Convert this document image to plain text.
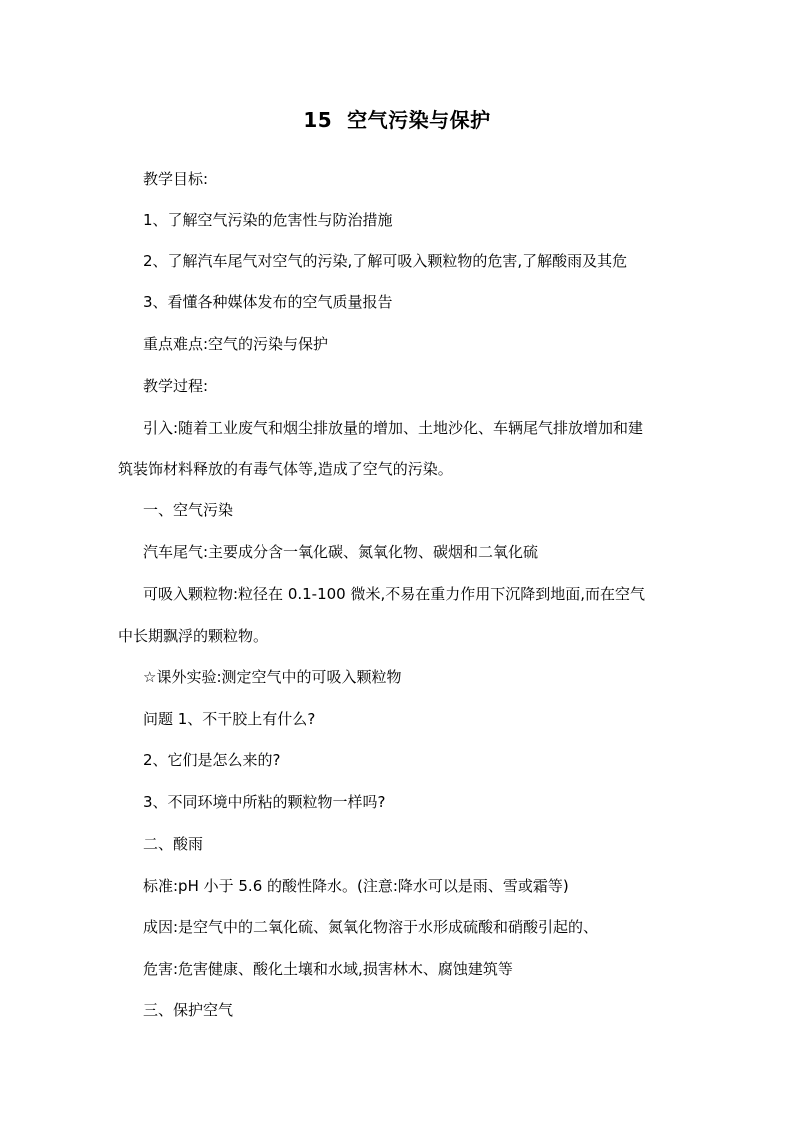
15  空气污染与保护
教学目标:
1、了解空气污染的危害性与防治措施
2、了解汽车尾气对空气的污染,了解可吸入颗粒物的危害,了解酸雨及其危
3、看懂各种媒体发布的空气质量报告
重点难点:空气的污染与保护
教学过程:
引入:随着工业废气和烟尘排放量的增加、土地沙化、车辆尾气排放增加和建
筑装饰材料释放的有毒气体等,造成了空气的污染。
一、空气污染
汽车尾气:主要成分含一氧化碳、氮氧化物、碳烟和二氧化硫
可吸入颗粒物:粒径在 0.1-100 微米,不易在重力作用下沉降到地面,而在空气
中长期飘浮的颗粒物。
☆课外实验:测定空气中的可吸入颗粒物
问题 1、不干胶上有什么?
2、它们是怎么来的?
3、不同环境中所粘的颗粒物一样吗?
二、酸雨
标准:pH 小于 5.6 的酸性降水。(注意:降水可以是雨、雪或霜等)
成因:是空气中的二氧化硫、氮氧化物溶于水形成硫酸和硝酸引起的、
危害:危害健康、酸化土壤和水域,损害林木、腐蚀建筑等
三、保护空气
